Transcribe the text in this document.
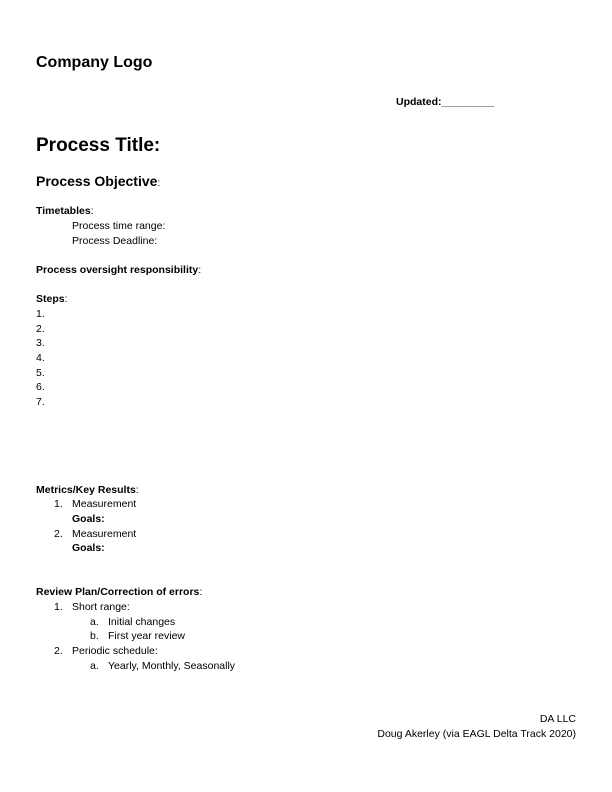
Company Logo
Updated:_________
Process Title:
Process Objective:
Timetables:
Process time range:
Process Deadline:
Process oversight responsibility:
Steps:
1.
2.
3.
4.
5.
6.
7.
Metrics/Key Results:
1. Measurement
Goals:
2. Measurement
Goals:
Review Plan/Correction of errors:
1. Short range:
a. Initial changes
b. First year review
2. Periodic schedule:
a. Yearly, Monthly, Seasonally
DA LLC
Doug Akerley (via EAGL Delta Track 2020)
